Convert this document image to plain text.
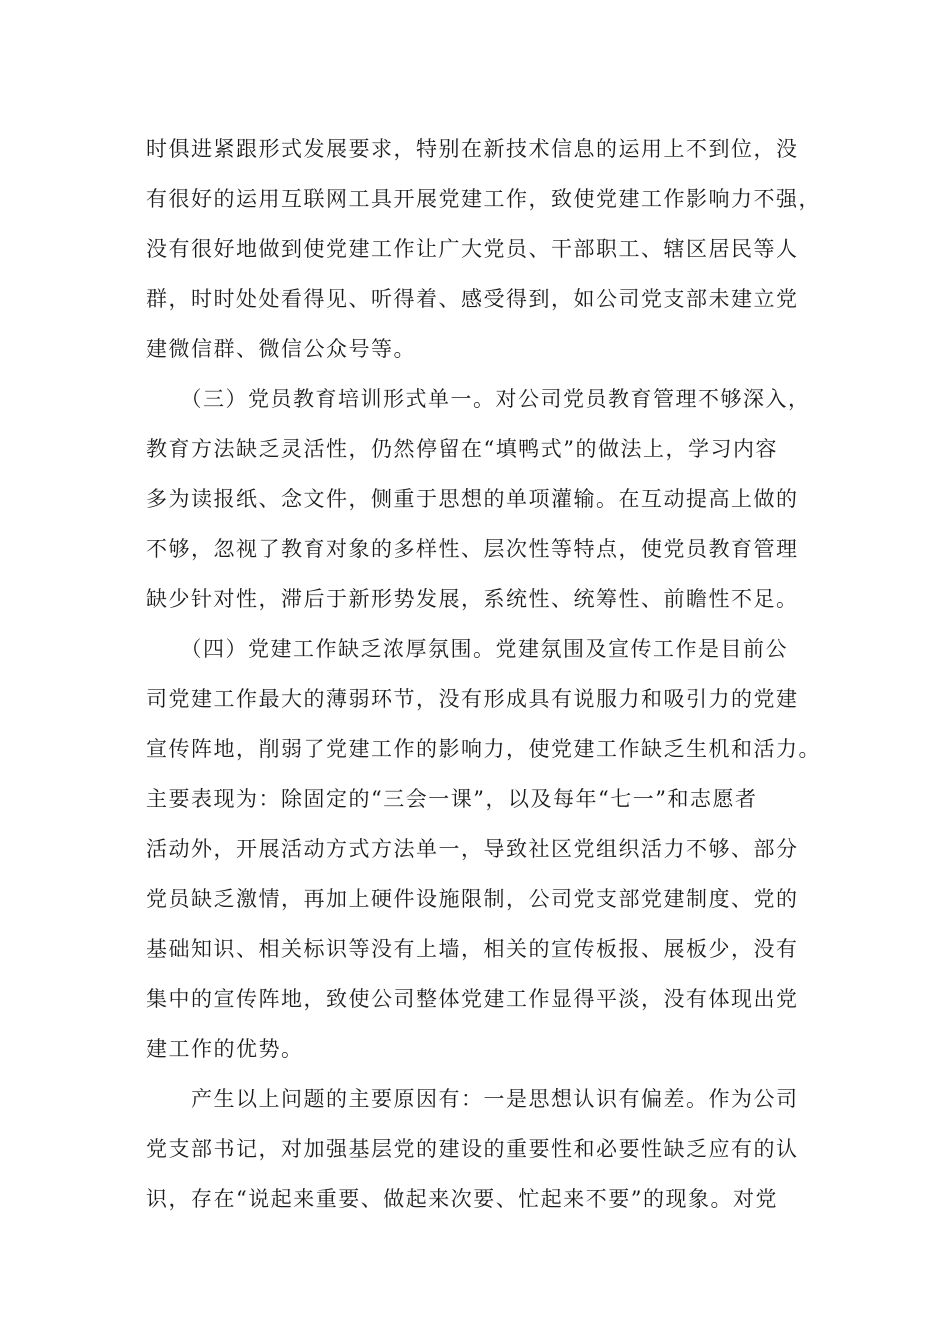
时俱进紧跟形式发展要求，特别在新技术信息的运用上不到位，没
有很好的运用互联网工具开展党建工作，致使党建工作影响力不强，
没有很好地做到使党建工作让广大党员、干部职工、辖区居民等人
群，时时处处看得见、听得着、感受得到，如公司党支部未建立党
建微信群、微信公众号等。
　　（三）党员教育培训形式单一。对公司党员教育管理不够深入，
教育方法缺乏灵活性，仍然停留在“填鸭式”的做法上，学习内容
多为读报纸、念文件，侧重于思想的单项灌输。在互动提高上做的
不够，忽视了教育对象的多样性、层次性等特点，使党员教育管理
缺少针对性，滞后于新形势发展，系统性、统筹性、前瞻性不足。
　　（四）党建工作缺乏浓厚氛围。党建氛围及宣传工作是目前公
司党建工作最大的薄弱环节，没有形成具有说服力和吸引力的党建
宣传阵地，削弱了党建工作的影响力，使党建工作缺乏生机和活力。
主要表现为：除固定的“三会一课”，以及每年“七一”和志愿者
活动外，开展活动方式方法单一，导致社区党组织活力不够、部分
党员缺乏激情，再加上硬件设施限制，公司党支部党建制度、党的
基础知识、相关标识等没有上墙，相关的宣传板报、展板少，没有
集中的宣传阵地，致使公司整体党建工作显得平淡，没有体现出党
建工作的优势。
　　产生以上问题的主要原因有：一是思想认识有偏差。作为公司
党支部书记，对加强基层党的建设的重要性和必要性缺乏应有的认
识，存在“说起来重要、做起来次要、忙起来不要”的现象。对党
